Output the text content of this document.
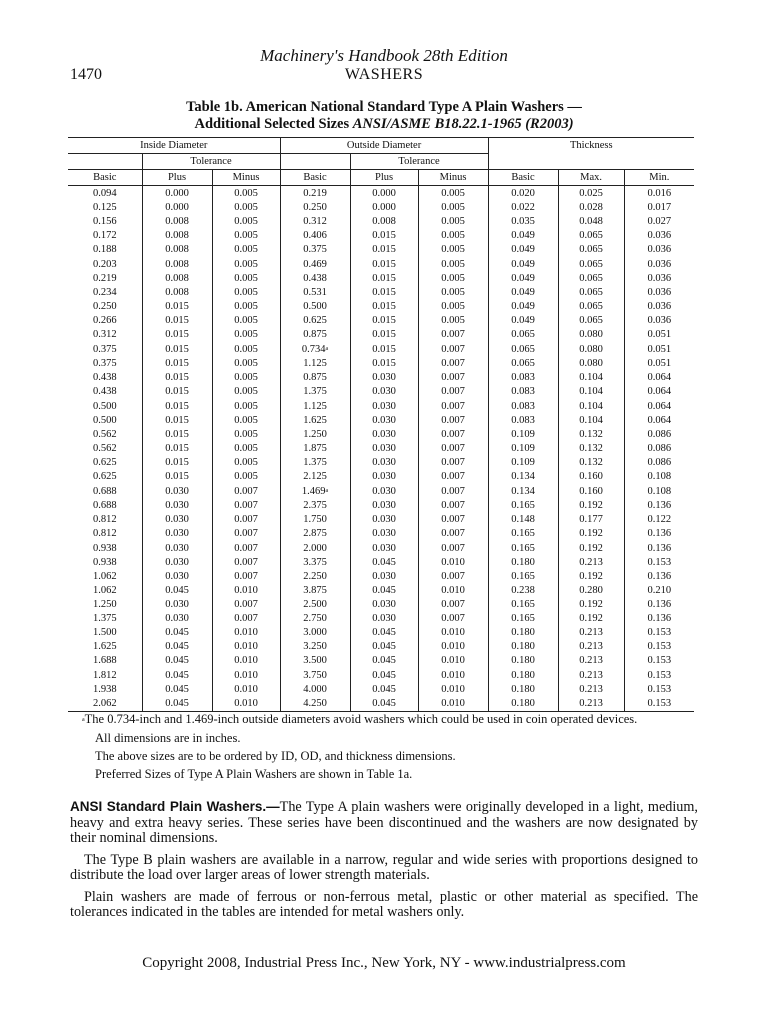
Machinery's Handbook 28th Edition
1470	WASHERS
Table 1b. American National Standard Type A Plain Washers —
Additional Selected Sizes ANSI/ASME B18.22.1-1965 (R2003)
Inside Diameter			Outside Diameter			Thickness		
	Tolerance			Tolerance				
Basic	Plus	Minus	Basic	Plus	Minus	Basic	Max.	Min.
0.094	0.000	0.005	0.219	0.000	0.005	0.020	0.025	0.016
0.125	0.000	0.005	0.250	0.000	0.005	0.022	0.028	0.017
0.156	0.008	0.005	0.312	0.008	0.005	0.035	0.048	0.027
0.172	0.008	0.005	0.406	0.015	0.005	0.049	0.065	0.036
0.188	0.008	0.005	0.375	0.015	0.005	0.049	0.065	0.036
0.203	0.008	0.005	0.469	0.015	0.005	0.049	0.065	0.036
0.219	0.008	0.005	0.438	0.015	0.005	0.049	0.065	0.036
0.234	0.008	0.005	0.531	0.015	0.005	0.049	0.065	0.036
0.250	0.015	0.005	0.500	0.015	0.005	0.049	0.065	0.036
0.266	0.015	0.005	0.625	0.015	0.005	0.049	0.065	0.036
0.312	0.015	0.005	0.875	0.015	0.007	0.065	0.080	0.051
0.375	0.015	0.005	0.734$^a$	0.015	0.007	0.065	0.080	0.051
0.375	0.015	0.005	1.125	0.015	0.007	0.065	0.080	0.051
0.438	0.015	0.005	0.875	0.030	0.007	0.083	0.104	0.064
0.438	0.015	0.005	1.375	0.030	0.007	0.083	0.104	0.064
0.500	0.015	0.005	1.125	0.030	0.007	0.083	0.104	0.064
0.500	0.015	0.005	1.625	0.030	0.007	0.083	0.104	0.064
0.562	0.015	0.005	1.250	0.030	0.007	0.109	0.132	0.086
0.562	0.015	0.005	1.875	0.030	0.007	0.109	0.132	0.086
0.625	0.015	0.005	1.375	0.030	0.007	0.109	0.132	0.086
0.625	0.015	0.005	2.125	0.030	0.007	0.134	0.160	0.108
0.688	0.030	0.007	1.469$^a$	0.030	0.007	0.134	0.160	0.108
0.688	0.030	0.007	2.375	0.030	0.007	0.165	0.192	0.136
0.812	0.030	0.007	1.750	0.030	0.007	0.148	0.177	0.122
0.812	0.030	0.007	2.875	0.030	0.007	0.165	0.192	0.136
0.938	0.030	0.007	2.000	0.030	0.007	0.165	0.192	0.136
0.938	0.030	0.007	3.375	0.045	0.010	0.180	0.213	0.153
1.062	0.030	0.007	2.250	0.030	0.007	0.165	0.192	0.136
1.062	0.045	0.010	3.875	0.045	0.010	0.238	0.280	0.210
1.250	0.030	0.007	2.500	0.030	0.007	0.165	0.192	0.136
1.375	0.030	0.007	2.750	0.030	0.007	0.165	0.192	0.136
1.500	0.045	0.010	3.000	0.045	0.010	0.180	0.213	0.153
1.625	0.045	0.010	3.250	0.045	0.010	0.180	0.213	0.153
1.688	0.045	0.010	3.500	0.045	0.010	0.180	0.213	0.153
1.812	0.045	0.010	3.750	0.045	0.010	0.180	0.213	0.153
1.938	0.045	0.010	4.000	0.045	0.010	0.180	0.213	0.153
2.062	0.045	0.010	4.250	0.045	0.010	0.180	0.213	0.153

$^a$The 0.734-inch and 1.469-inch outside diameters avoid washers which could be used in coin operated devices.

All dimensions are in inches.

The above sizes are to be ordered by ID, OD, and thickness dimensions.

Preferred Sizes of Type A Plain Washers are shown in Table 1a.

ANSI Standard Plain Washers.—The Type A plain washers were originally developed in a light, medium, heavy and extra heavy series. These series have been discontinued and the washers are now designated by their nominal dimensions.

The Type B plain washers are available in a narrow, regular and wide series with proportions designed to distribute the load over larger areas of lower strength materials.

Plain washers are made of ferrous or non-ferrous metal, plastic or other material as specified. The tolerances indicated in the tables are intended for metal washers only.

Copyright 2008, Industrial Press Inc., New York, NY - www.industrialpress.com
